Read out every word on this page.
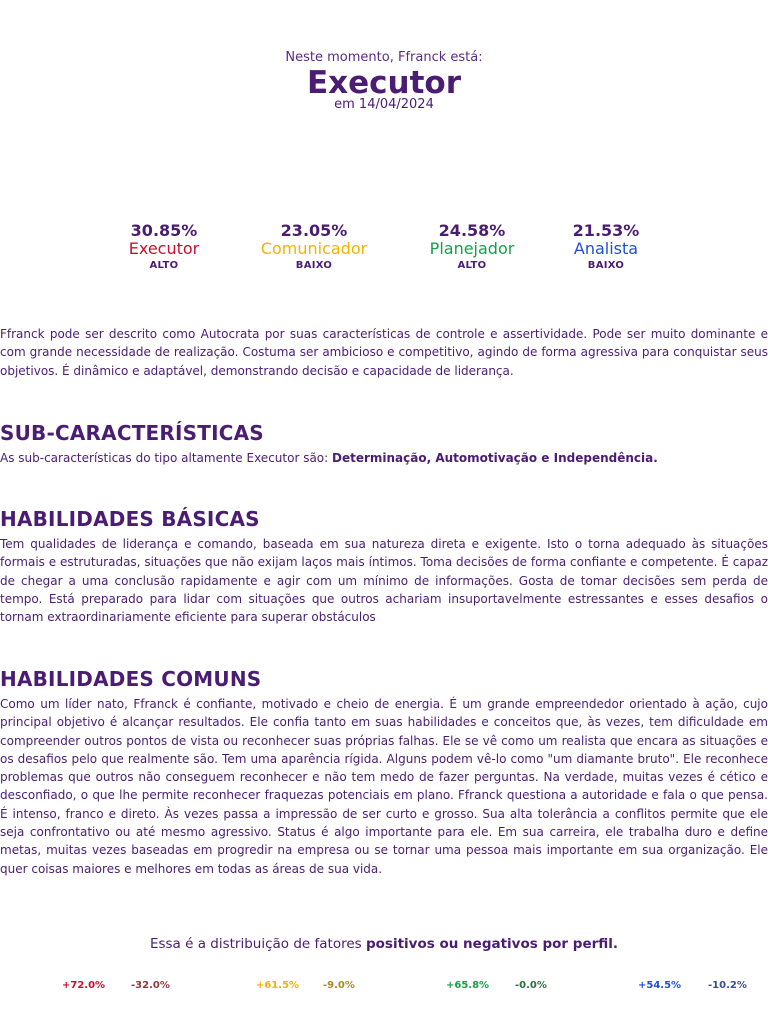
Neste momento, Ffranck está:
Executor
em 14/04/2024
30.85%
Executor
ALTO
23.05%
Comunicador
BAIXO
24.58%
Planejador
ALTO
21.53%
Analista
BAIXO
Ffranck pode ser descrito como Autocrata por suas características de controle e assertividade. Pode ser muito dominante e com grande necessidade de realização. Costuma ser ambicioso e competitivo, agindo de forma agressiva para conquistar seus objetivos. É dinâmico e adaptável, demonstrando decisão e capacidade de liderança.
SUB-CARACTERÍSTICAS
As sub-características do tipo altamente Executor são: Determinação, Automotivação e Independência.
HABILIDADES BÁSICAS
Tem qualidades de liderança e comando, baseada em sua natureza direta e exigente. Isto o torna adequado às situações formais e estruturadas, situações que não exijam laços mais íntimos. Toma decisões de forma confiante e competente. É capaz de chegar a uma conclusão rapidamente e agir com um mínimo de informações. Gosta de tomar decisões sem perda de tempo. Está preparado para lidar com situações que outros achariam insuportavelmente estressantes e esses desafios o tornam extraordinariamente eficiente para superar obstáculos
HABILIDADES COMUNS
Como um líder nato, Ffranck é confiante, motivado e cheio de energia. É um grande empreendedor orientado à ação, cujo principal objetivo é alcançar resultados. Ele confia tanto em suas habilidades e conceitos que, às vezes, tem dificuldade em compreender outros pontos de vista ou reconhecer suas próprias falhas. Ele se vê como um realista que encara as situações e os desafios pelo que realmente são. Tem uma aparência rígida. Alguns podem vê-lo como "um diamante bruto". Ele reconhece problemas que outros não conseguem reconhecer e não tem medo de fazer perguntas. Na verdade, muitas vezes é cético e desconfiado, o que lhe permite reconhecer fraquezas potenciais em plano. Ffranck questiona a autoridade e fala o que pensa. É intenso, franco e direto. Às vezes passa a impressão de ser curto e grosso. Sua alta tolerância a conflitos permite que ele seja confrontativo ou até mesmo agressivo. Status é algo importante para ele. Em sua carreira, ele trabalha duro e define metas, muitas vezes baseadas em progredir na empresa ou se tornar uma pessoa mais importante em sua organização. Ele quer coisas maiores e melhores em todas as áreas de sua vida.
Essa é a distribuição de fatores positivos ou negativos por perfil.
+72.0%	-32.0%	+61.5% -9.0%	+65.8%	-0.0%	+54.5%	-10.2%
